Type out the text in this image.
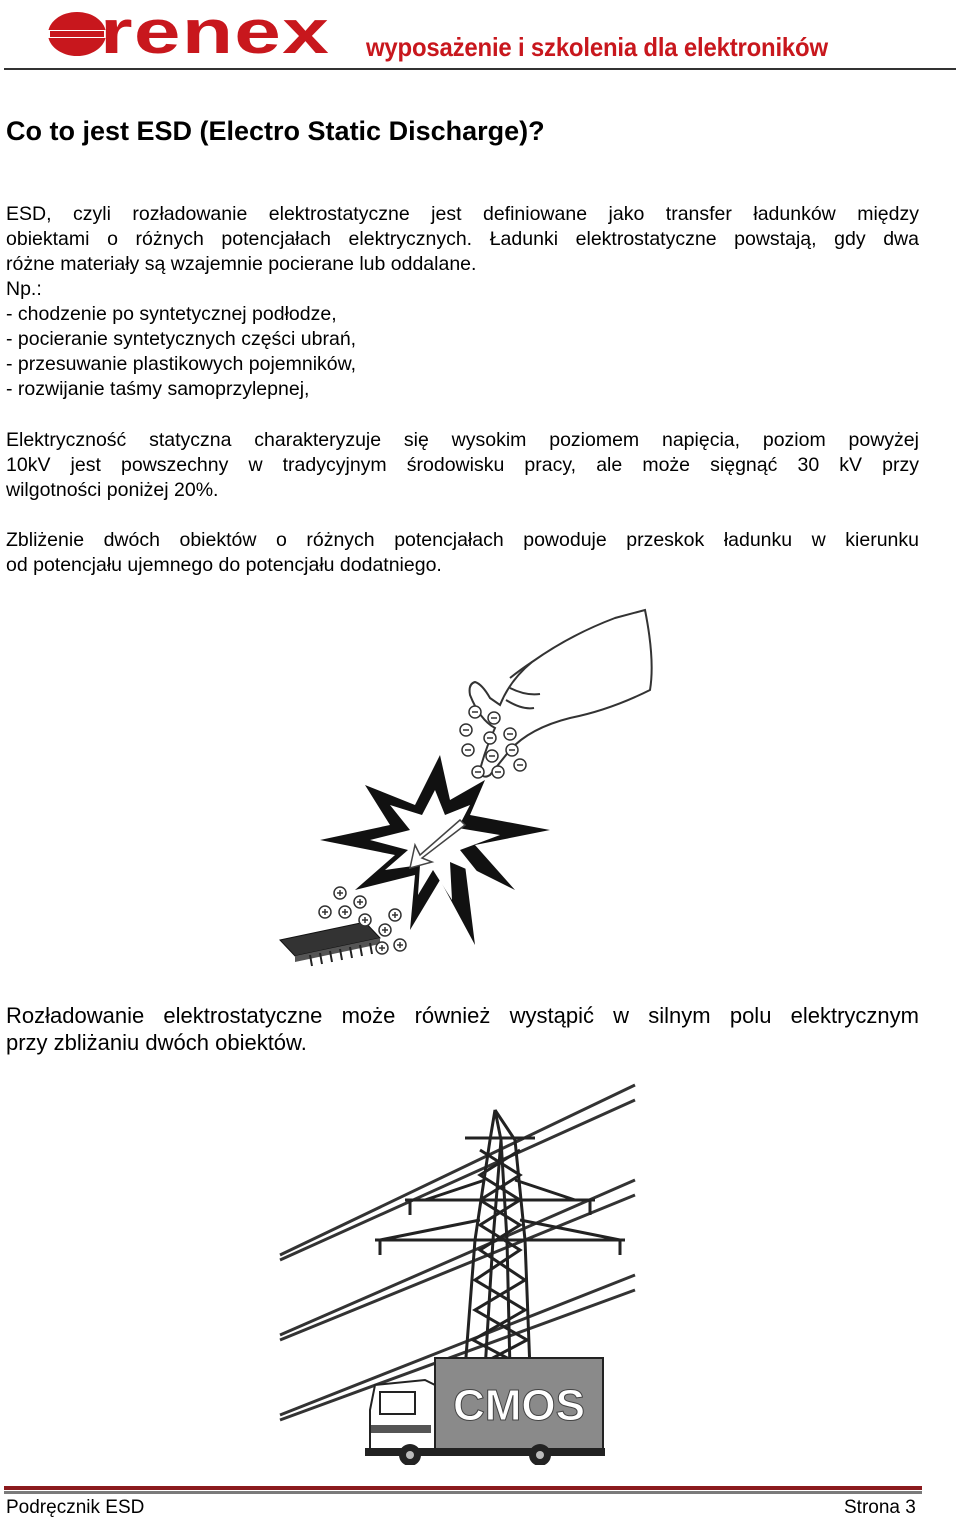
renex wyposażenie i szkolenia dla elektroników
Co to jest ESD (Electro Static Discharge)?
ESD, czyli rozładowanie elektrostatyczne jest definiowane jako transfer ładunków między
obiektami o różnych potencjałach elektrycznych. Ładunki elektrostatyczne powstają, gdy dwa
różne materiały są wzajemnie pocierane lub oddalane.
Np.:
- chodzenie po syntetycznej podłodze,
- pocieranie syntetycznych części ubrań,
- przesuwanie plastikowych pojemników,
- rozwijanie taśmy samoprzylepnej,
Elektryczność statyczna charakteryzuje się wysokim poziomem napięcia, poziom powyżej
10kV jest powszechny w tradycyjnym środowisku pracy, ale może sięgnąć 30 kV przy
wilgotności poniżej 20%.
Zbliżenie dwóch obiektów o różnych potencjałach powoduje przeskok ładunku w kierunku
od potencjału ujemnego do potencjału dodatniego.
Rozładowanie elektrostatyczne może również wystąpić w silnym polu elektrycznym
przy zbliżaniu dwóch obiektów.
CMOS
Podręcznik ESD	Strona 3
